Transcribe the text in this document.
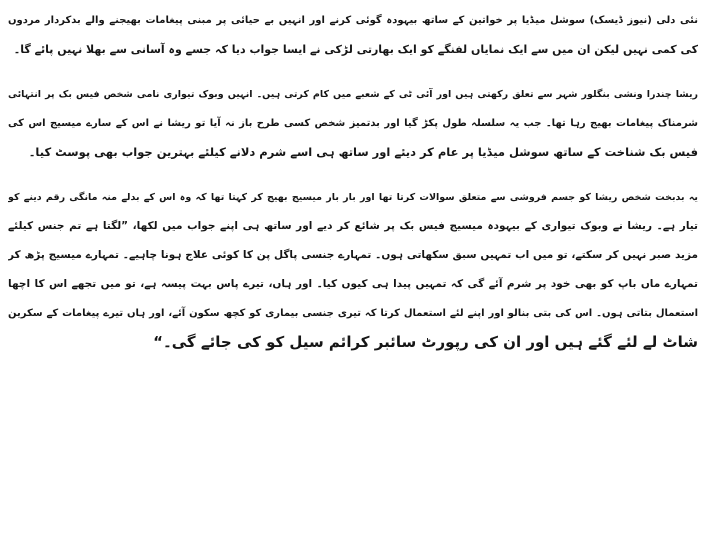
نئی دلی (نیوز ڈیسک) سوشل میڈیا پر خواتین کے ساتھ بیہودہ گوئی کرنے اور انہیں بے حیائی پر مبنی پیغامات بھیجنے والے بدکردار مردوں
کی کمی نہیں لیکن ان میں سے ایک نمایاں لفنگے کو ایک بھارتی لڑکی نے ایسا جواب دیا کہ جسے وہ آسانی سے بھلا نہیں پائے گا۔
ریشا چندرا ونشی بنگلور شہر سے تعلق رکھتی ہیں اور آئی ٹی کے شعبے میں کام کرتی ہیں۔ انہیں وبوک تیواری نامی شخص فیس بک پر انتہائی
شرمناک پیغامات بھیج رہا تھا۔ جب یہ سلسلہ طول پکڑ گیا اور بدتمیز شخص کسی طرح باز نہ آیا تو ریشا نے اس کے سارے میسیج اس کی
فیس بک شناخت کے ساتھ سوشل میڈیا پر عام کر دیئے اور ساتھ ہی اسے شرم دلانے کیلئے بہترین جواب بھی پوسٹ کیا۔
یہ بدبخت شخص ریشا کو جسم فروشی سے متعلق سوالات کرتا تھا اور بار بار میسیج بھیج کر کہتا تھا کہ وہ اس کے بدلے منہ مانگی رقم دینے کو
تیار ہے۔ ریشا نے وبوک تیواری کے بیہودہ میسیج فیس بک پر شائع کر دیے اور ساتھ ہی اپنے جواب میں لکھا، ”لگتا ہے تم جنس کیلئے
مزید صبر نہیں کر سکتے، تو میں اب تمہیں سبق سکھاتی ہوں۔ تمہارے جنسی پاگل پن کا کوئی علاج ہونا چاہیے۔ تمہارے میسیج پڑھ کر
تمہارے ماں باپ کو بھی خود پر شرم آئے گی کہ تمہیں پیدا ہی کیوں کیا۔ اور ہاں، تیرے پاس بہت پیسہ ہے، تو میں تجھے اس کا اچھا
استعمال بتاتی ہوں۔ اس کی بتی بنالو اور اپنے لئے استعمال کرتا کہ تیری جنسی بیماری کو کچھ سکون آئے، اور ہاں تیرے پیغامات کے سکرین
شاٹ لے لئے گئے ہیں اور ان کی رپورٹ سائبر کرائم سیل کو کی جائے گی۔“
